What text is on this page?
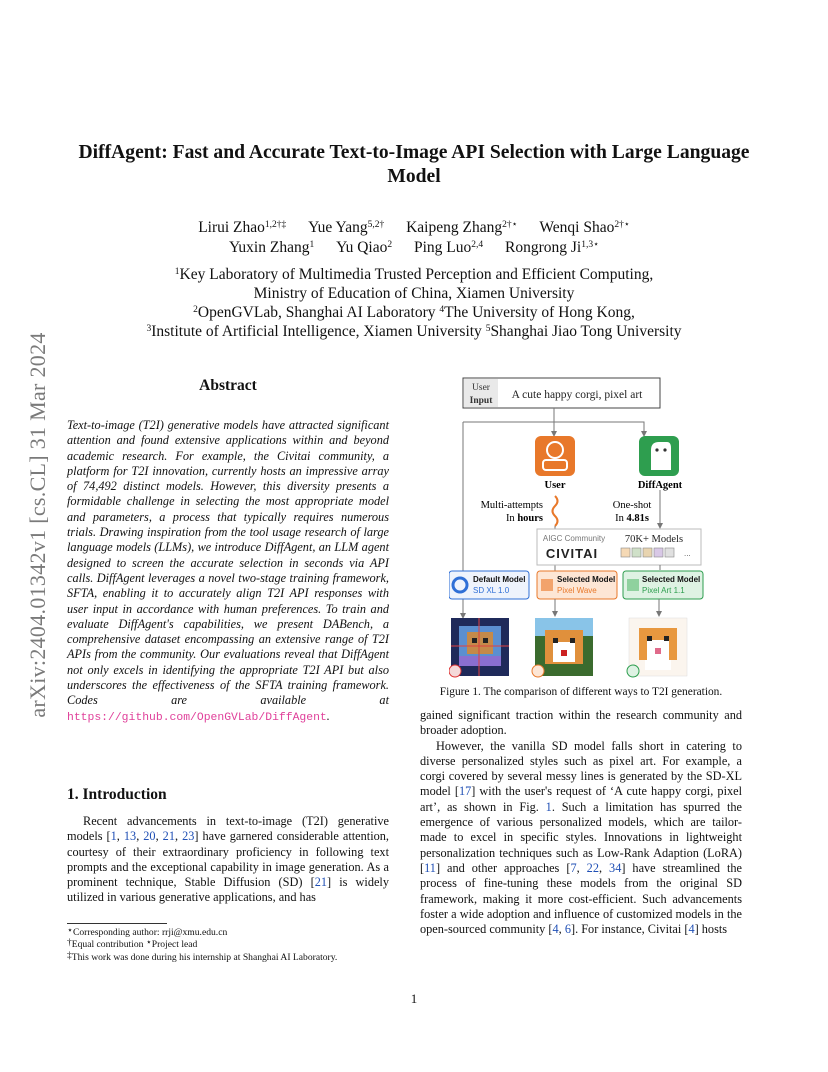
arXiv:2404.01342v1 [cs.CL] 31 Mar 2024
DiffAgent: Fast and Accurate Text-to-Image API Selection with Large Language Model
Lirui Zhao$^{1,2\dagger\ddagger}$ Yue Yang$^{5,2\dagger}$ Kaipeng Zhang$^{2\dagger⋆}$ Wenqi Shao$^{2\dagger⋆}$
Yuxin Zhang$^1$ Yu Qiao$^2$ Ping Luo$^{2,4}$ Rongrong $Ji^{1,3⋆}$
$^1$Key Laboratory of Multimedia Trusted Perception and Efficient Computing,
Ministry of Education of China, Xiamen University
$^2$OpenGVLab, Shanghai AI Laboratory $^4$The University of Hong Kong,
$^3$Institute of Artificial Intelligence, Xiamen University $^5$Shanghai Jiao Tong University
Abstract
Text-to-image (T2I) generative models have attracted significant attention and found extensive applications within and beyond academic research. For example, the Civitai community, a platform for T2I innovation, currently hosts an impressive array of 74,492 distinct models. However, this diversity presents a formidable challenge in selecting the most appropriate model and parameters, a process that typically requires numerous trials. Drawing inspiration from the tool usage research of large language models (LLMs), we introduce DiffAgent, an LLM agent designed to screen the accurate selection in seconds via API calls. DiffAgent leverages a novel two-stage training framework, SFTA, enabling it to accurately align T2I API responses with user input in accordance with human preferences. To train and evaluate DiffAgent's capabilities, we present DABench, a comprehensive dataset encompassing an extensive range of T2I APIs from the community. Our evaluations reveal that DiffAgent not only excels in identifying the appropriate T2I API but also underscores the effectiveness of the SFTA training framework. Codes are available at https://github.com/OpenGVLab/DiffAgent.
1. Introduction

Recent advancements in text-to-image (T2I) generative models [1, 13, 20, 21, 23] have garnered considerable attention, courtesy of their extraordinary proficiency in following text prompts and the exceptional capability in image generation. As a prominent technique, Stable Diffusion (SD) [21] is widely utilized in various generative applications, and has

⋆Corresponding author: rrji@xmu.edu.cn
†Equal contribution ⋆Project lead
‡This work was done during his internship at Shanghai AI Laboratory.
User
Input A cute happy corgi, pixel art
User	DiffAgent
Multi-attempts
In hours
One-shot
In 4.81s
AIGC Community
CIVITAI
70K+ Models
...
Default Model
SD XL 1.0
Selected Model
Pixel Wave
Selected Model
Pixel Art 1.1
Figure 1. The comparison of different ways to T2I generation.
gained significant traction within the research community and broader adoption.

However, the vanilla SD model falls short in catering to diverse personalized styles such as pixel art. For example, a corgi covered by several messy lines is generated by the SD-XL model [17] with the user's request of ‘A cute happy corgi, pixel art’, as shown in Fig. 1. Such a limitation has spurred the emergence of various personalized models, which are tailor-made to excel in specific styles. Innovations in lightweight personalization techniques such as Low-Rank Adaption (LoRA) [11] and other approaches [7, 22, 34] have streamlined the process of fine-tuning these models from the original SD framework, making it more cost-efficient. Such advancements foster a wide adoption and influence of customized models in the open-sourced community [4, 6]. For instance, Civitai [4] hosts

1
